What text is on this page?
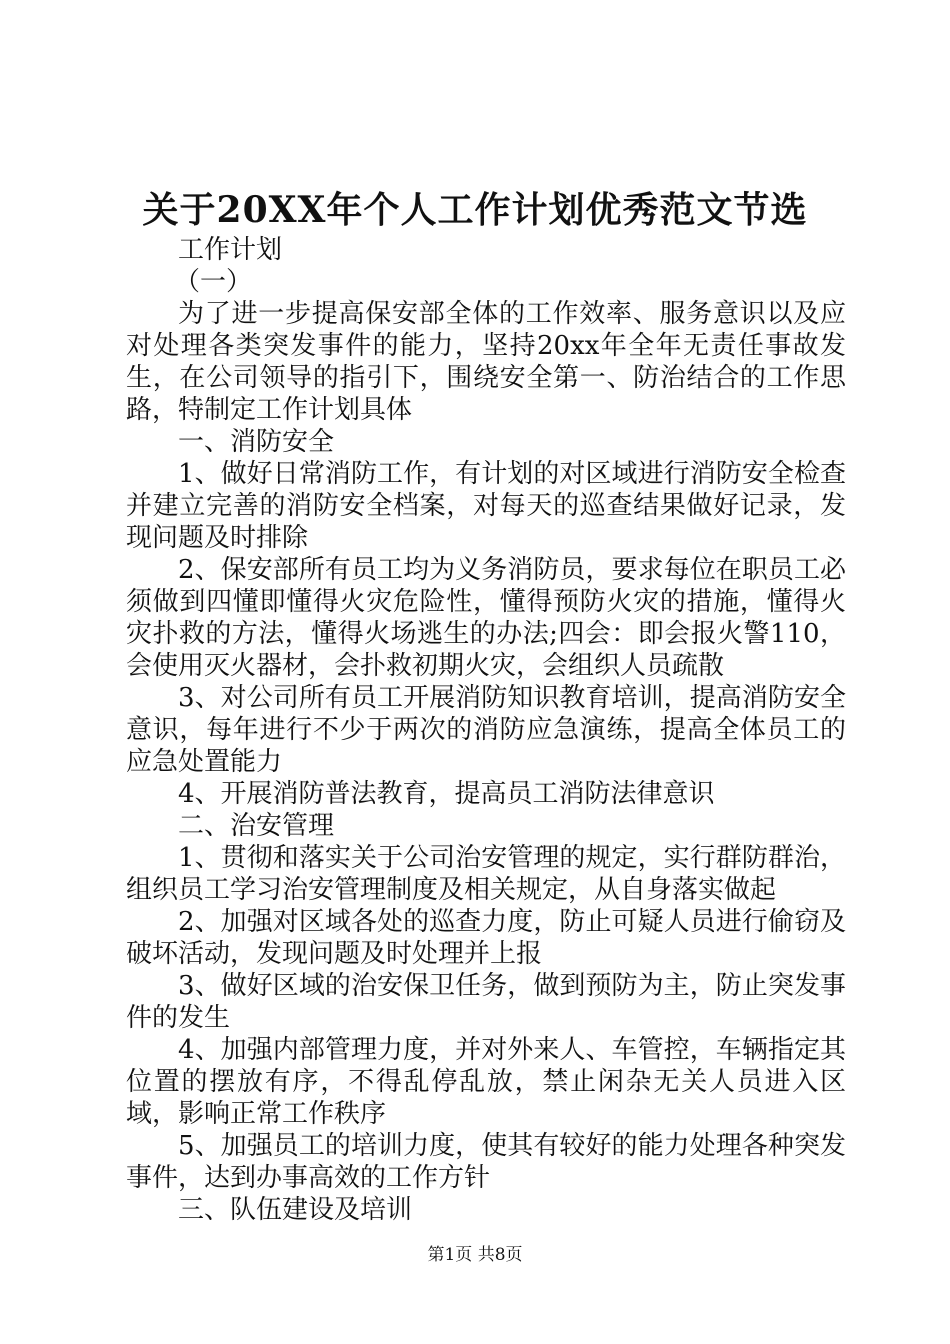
关于20XX年个人工作计划优秀范文节选

工作计划

（一）

为了进一步提高保安部全体的工作效率、服务意识以及应对处理各类突发事件的能力，坚持20xx年全年无责任事故发生，在公司领导的指引下，围绕安全第一、防治结合的工作思路，特制定工作计划具体

一、消防安全

1、做好日常消防工作，有计划的对区域进行消防安全检查并建立完善的消防安全档案，对每天的巡查结果做好记录，发现问题及时排除

2、保安部所有员工均为义务消防员，要求每位在职员工必须做到四懂即懂得火灾危险性，懂得预防火灾的措施，懂得火灾扑救的方法，懂得火场逃生的办法;四会：即会报火警110，会使用灭火器材，会扑救初期火灾，会组织人员疏散

3、对公司所有员工开展消防知识教育培训，提高消防安全意识，每年进行不少于两次的消防应急演练，提高全体员工的应急处置能力

4、开展消防普法教育，提高员工消防法律意识

二、治安管理

1、贯彻和落实关于公司治安管理的规定，实行群防群治，组织员工学习治安管理制度及相关规定，从自身落实做起

2、加强对区域各处的巡查力度，防止可疑人员进行偷窃及破坏活动，发现问题及时处理并上报

3、做好区域的治安保卫任务，做到预防为主，防止突发事件的发生

4、加强内部管理力度，并对外来人、车管控，车辆指定其位置的摆放有序，不得乱停乱放，禁止闲杂无关人员进入区域，影响正常工作秩序

5、加强员工的培训力度，使其有较好的能力处理各种突发事件，达到办事高效的工作方针

三、队伍建设及培训

第1页 共8页
